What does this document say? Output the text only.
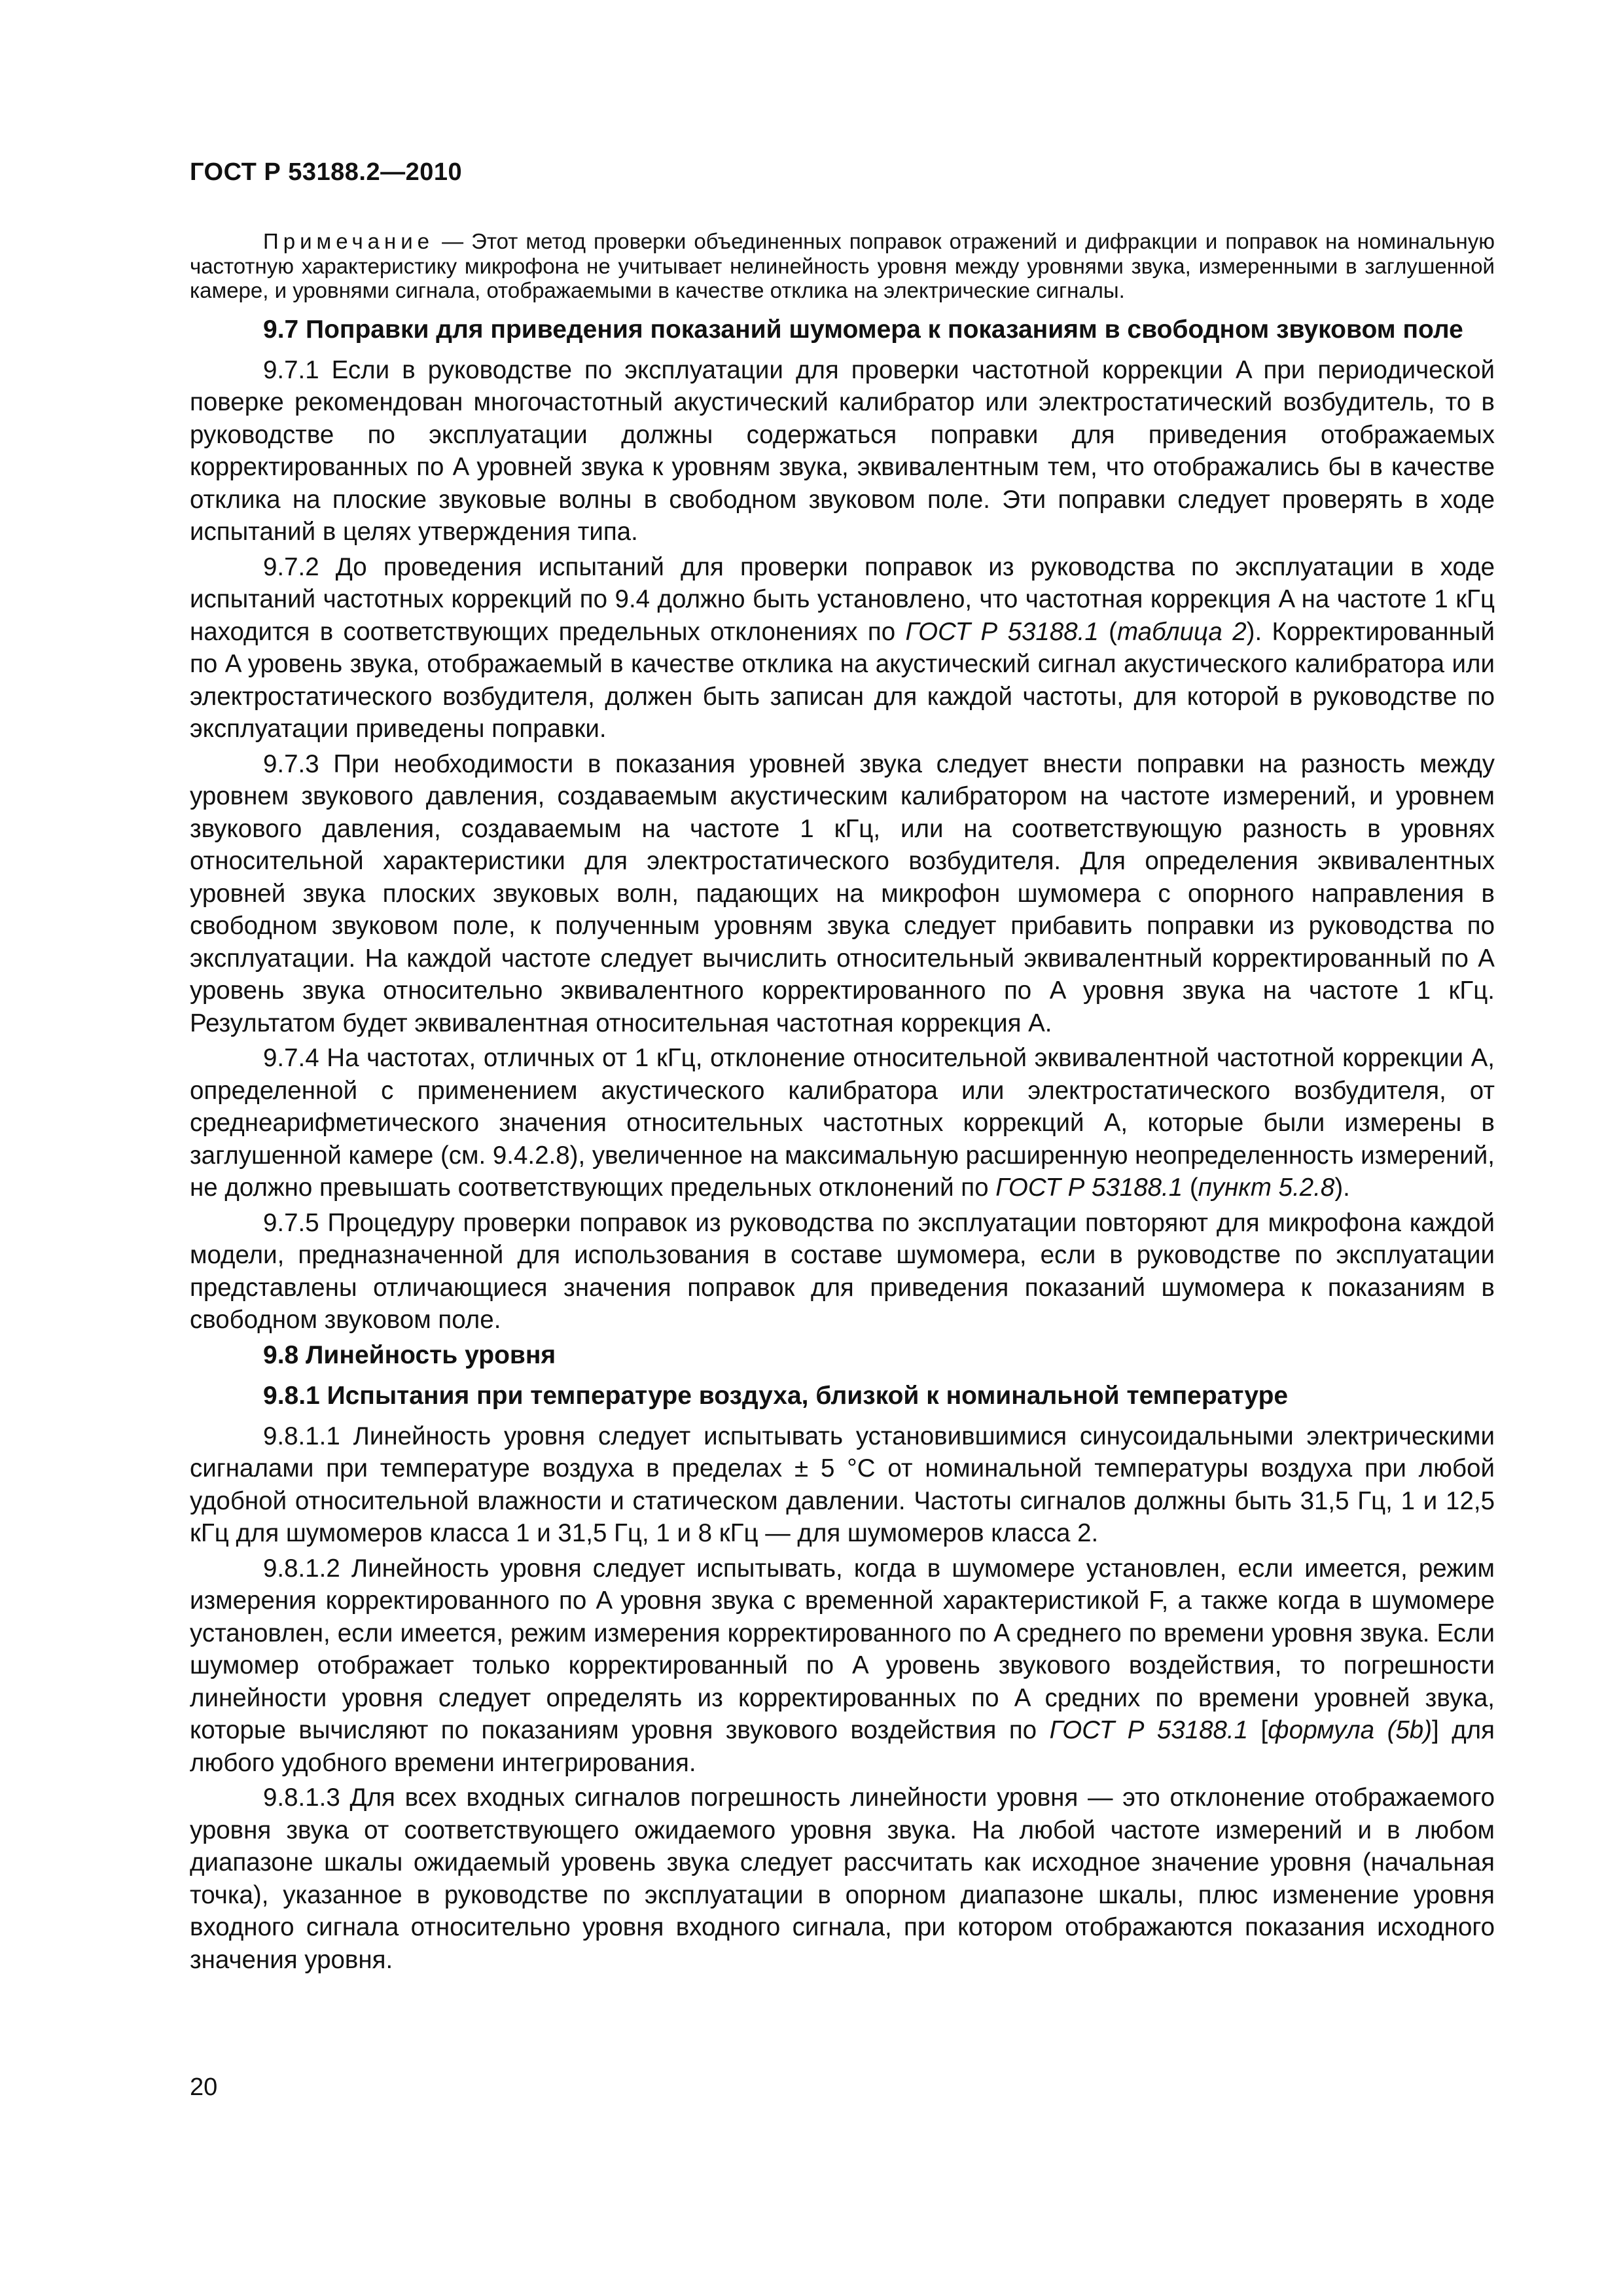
ГОСТ Р 53188.2—2010

Примечание — Этот метод проверки объединенных поправок отражений и дифракции и поправок на номинальную частотную характеристику микрофона не учитывает нелинейность уровня между уровнями звука, измеренными в заглушенной камере, и уровнями сигнала, отображаемыми в качестве отклика на электрические сигналы.

9.7 Поправки для приведения показаний шумомера к показаниям в свободном звуковом поле

9.7.1 Если в руководстве по эксплуатации для проверки частотной коррекции A при периодической поверке рекомендован многочастотный акустический калибратор или электростатический возбудитель, то в руководстве по эксплуатации должны содержаться поправки для приведения отображаемых корректированных по A уровней звука к уровням звука, эквивалентным тем, что отображались бы в качестве отклика на плоские звуковые волны в свободном звуковом поле. Эти поправки следует проверять в ходе испытаний в целях утверждения типа.

9.7.2 До проведения испытаний для проверки поправок из руководства по эксплуатации в ходе испытаний частотных коррекций по 9.4 должно быть установлено, что частотная коррекция A на частоте 1 кГц находится в соответствующих предельных отклонениях по ГОСТ Р 53188.1 (таблица 2). Корректированный по A уровень звука, отображаемый в качестве отклика на акустический сигнал акустического калибратора или электростатического возбудителя, должен быть записан для каждой частоты, для которой в руководстве по эксплуатации приведены поправки.

9.7.3 При необходимости в показания уровней звука следует внести поправки на разность между уровнем звукового давления, создаваемым акустическим калибратором на частоте измерений, и уровнем звукового давления, создаваемым на частоте 1 кГц, или на соответствующую разность в уровнях относительной характеристики для электростатического возбудителя. Для определения эквивалентных уровней звука плоских звуковых волн, падающих на микрофон шумомера с опорного направления в свободном звуковом поле, к полученным уровням звука следует прибавить поправки из руководства по эксплуатации. На каждой частоте следует вычислить относительный эквивалентный корректированный по A уровень звука относительно эквивалентного корректированного по A уровня звука на частоте 1 кГц. Результатом будет эквивалентная относительная частотная коррекция A.

9.7.4 На частотах, отличных от 1 кГц, отклонение относительной эквивалентной частотной коррекции A, определенной с применением акустического калибратора или электростатического возбудителя, от среднеарифметического значения относительных частотных коррекций A, которые были измерены в заглушенной камере (см. 9.4.2.8), увеличенное на максимальную расширенную неопределенность измерений, не должно превышать соответствующих предельных отклонений по ГОСТ Р 53188.1 (пункт 5.2.8).

9.7.5 Процедуру проверки поправок из руководства по эксплуатации повторяют для микрофона каждой модели, предназначенной для использования в составе шумомера, если в руководстве по эксплуатации представлены отличающиеся значения поправок для приведения показаний шумомера к показаниям в свободном звуковом поле.

9.8 Линейность уровня
9.8.1 Испытания при температуре воздуха, близкой к номинальной температуре

9.8.1.1 Линейность уровня следует испытывать установившимися синусоидальными электрическими сигналами при температуре воздуха в пределах ± 5 °С от номинальной температуры воздуха при любой удобной относительной влажности и статическом давлении. Частоты сигналов должны быть 31,5 Гц, 1 и 12,5 кГц для шумомеров класса 1 и 31,5 Гц, 1 и 8 кГц — для шумомеров класса 2.

9.8.1.2 Линейность уровня следует испытывать, когда в шумомере установлен, если имеется, режим измерения корректированного по A уровня звука с временной характеристикой F, а также когда в шумомере установлен, если имеется, режим измерения корректированного по A среднего по времени уровня звука. Если шумомер отображает только корректированный по A уровень звукового воздействия, то погрешности линейности уровня следует определять из корректированных по A средних по времени уровней звука, которые вычисляют по показаниям уровня звукового воздействия по ГОСТ Р 53188.1 [формула (5b)] для любого удобного времени интегрирования.

9.8.1.3 Для всех входных сигналов погрешность линейности уровня — это отклонение отображаемого уровня звука от соответствующего ожидаемого уровня звука. На любой частоте измерений и в любом диапазоне шкалы ожидаемый уровень звука следует рассчитать как исходное значение уровня (начальная точка), указанное в руководстве по эксплуатации в опорном диапазоне шкалы, плюс изменение уровня входного сигнала относительно уровня входного сигнала, при котором отображаются показания исходного значения уровня.

20
